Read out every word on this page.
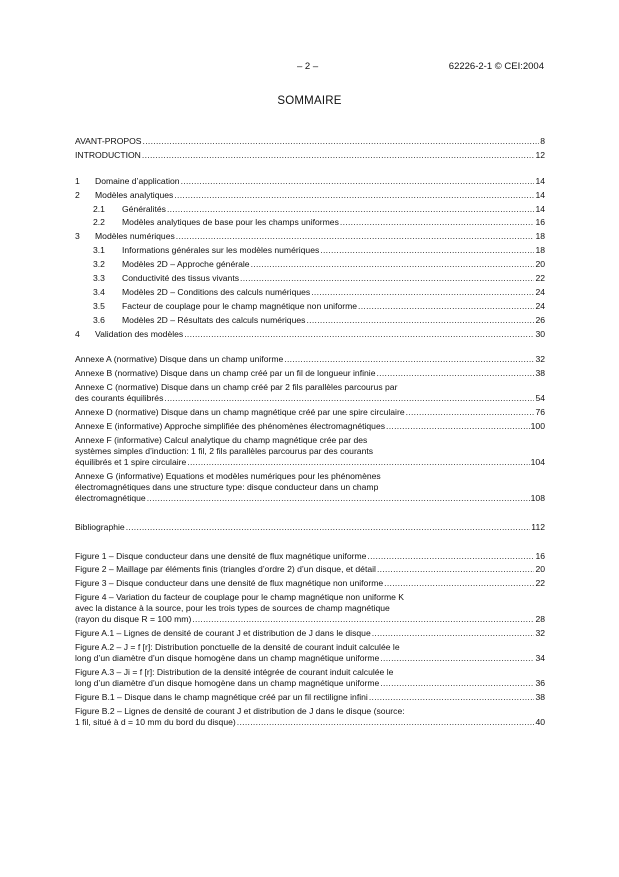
– 2 –	62226-2-1 © CEI:2004
SOMMAIRE
AVANT-PROPOS .....	8
INTRODUCTION .....	12
1	Domaine d’application .....	14
2	Modèles analytiques .....	14
2.1	Généralités .....	14
2.2	Modèles analytiques de base pour les champs uniformes .....	16
3	Modèles numériques .....	18
3.1	Informations générales sur les modèles numériques .....	18
3.2	Modèles 2D – Approche générale .....	20
3.3	Conductivité des tissus vivants .....	22
3.4	Modèles 2D – Conditions des calculs numériques .....	24
3.5	Facteur de couplage pour le champ magnétique non uniforme .....	24
3.6	Modèles 2D – Résultats des calculs numériques .....	26
4	Validation des modèles .....	30
Annexe A (normative) Disque dans un champ uniforme .....	32
Annexe B (normative) Disque dans un champ créé par un fil de longueur infinie .....	38
Annexe C (normative) Disque dans un champ créé par 2 fils parallèles parcourus par
des courants équilibrés .....	54
Annexe D (normative) Disque dans un champ magnétique créé par une spire circulaire .....	76
Annexe E (informative) Approche simplifiée des phénomènes électromagnétiques .....	100
Annexe F (informative) Calcul analytique du champ magnétique crée par des
systèmes simples d’induction: 1 fil, 2 fils parallèles parcourus par des courants
équilibrés et 1 spire circulaire .....	104
Annexe G (informative) Equations et modèles numériques pour les phénomènes
électromagnétiques dans une structure type: disque conducteur dans un champ
électromagnétique .....	108
Bibliographie .....	112
Figure 1 – Disque conducteur dans une densité de flux magnétique uniforme .....	16
Figure 2 – Maillage par éléments finis (triangles d’ordre 2) d’un disque, et détail .....	20
Figure 3 – Disque conducteur dans une densité de flux magnétique non uniforme .....	22
Figure 4 – Variation du facteur de couplage pour le champ magnétique non uniforme K
avec la distance à la source, pour les trois types de sources de champ magnétique
(rayon du disque R = 100 mm) .....	28
Figure A.1 – Lignes de densité de courant J et distribution de J dans le disque .....	32
Figure A.2 – J = f [r]: Distribution ponctuelle de la densité de courant induit calculée le
long d’un diamètre d’un disque homogène dans un champ magnétique uniforme .....	34
Figure A.3 – Ji = f [r]: Distribution de la densité intégrée de courant induit calculée le
long d’un diamètre d’un disque homogène dans un champ magnétique uniforme .....	36
Figure B.1 – Disque dans le champ magnétique créé par un fil rectiligne infini .....	38
Figure B.2 – Lignes de densité de courant J et distribution de J dans le disque (source:
1 fil, situé à d = 10 mm du bord du disque) .....	40
